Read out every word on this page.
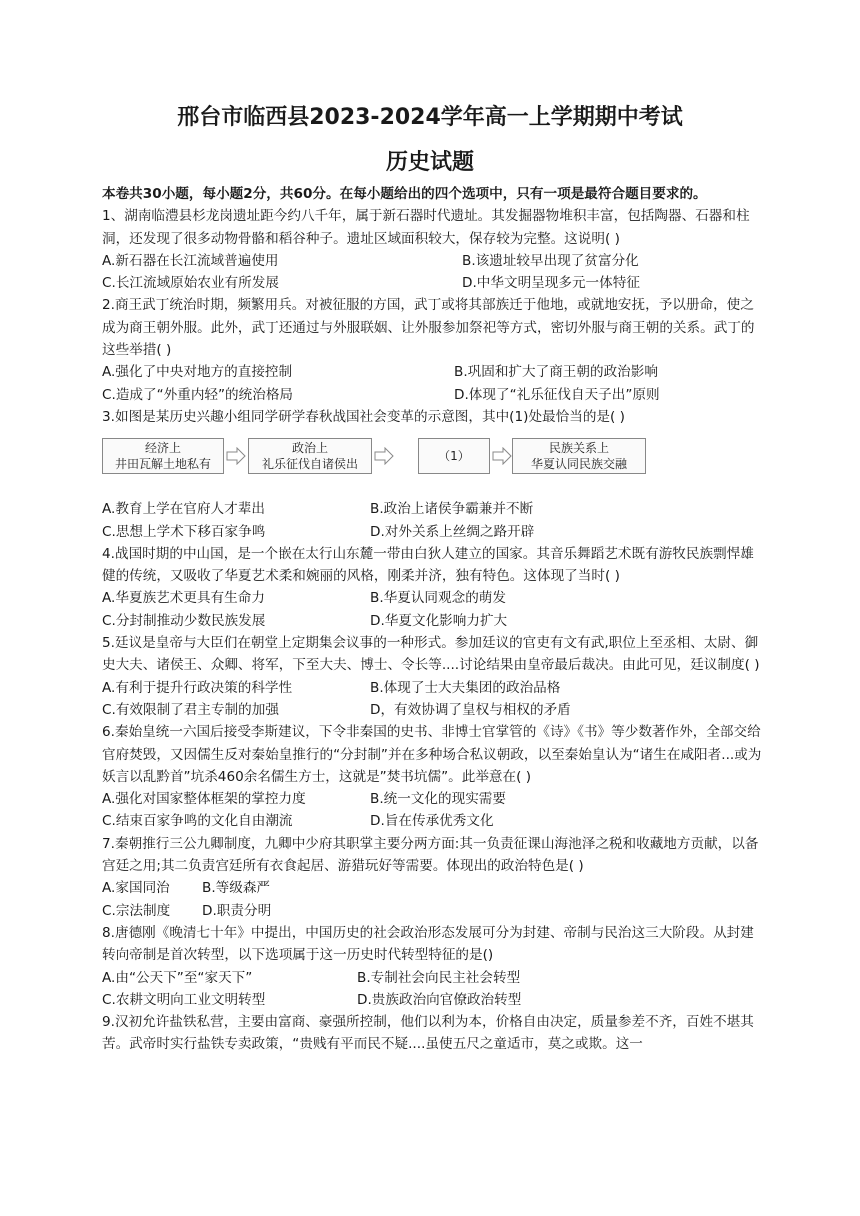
邢台市临西县2023-2024学年高一上学期期中考试
历史试题

本卷共30小题，每小题2分，共60分。在每小题给出的四个选项中，只有一项是最符合题目要求的。

1、湖南临澧县杉龙岗遗址距今约八千年，属于新石器时代遗址。其发掘器物堆积丰富，包括陶器、石器和柱洞，还发现了很多动物骨骼和稻谷种子。遗址区域面积较大，保存较为完整。这说明( )

A.新石器在长江流域普遍使用	B.该遗址较早出现了贫富分化
C.长江流域原始农业有所发展	D.中华文明呈现多元一体特征

2.商王武丁统治时期，频繁用兵。对被征服的方国，武丁或将其部族迁于他地，或就地安抚，予以册命，使之成为商王朝外服。此外，武丁还通过与外服联姻、让外服参加祭祀等方式，密切外服与商王朝的关系。武丁的这些举措( )

A.强化了中央对地方的直接控制	B.巩固和扩大了商王朝的政治影响
C.造成了“外重内轻”的统治格局	D.体现了“礼乐征伐自天子出”原则

3.如图是某历史兴趣小组同学研学春秋战国社会变革的示意图，其中(1)处最恰当的是( )

经济上
井田瓦解土地私有
政治上
礼乐征伐自诸侯出
（1）
民族关系上
华夏认同民族交融
A.教育上学在官府人才辈出	B.政治上诸侯争霸兼并不断
C.思想上学术下移百家争鸣	D.对外关系上丝绸之路开辟

4.战国时期的中山国，是一个嵌在太行山东麓一带由白狄人建立的国家。其音乐舞蹈艺术既有游牧民族剽悍雄健的传统，又吸收了华夏艺术柔和婉丽的风格，刚柔并济，独有特色。这体现了当时( )

A.华夏族艺术更具有生命力	B.华夏认同观念的萌发
C.分封制推动少数民族发展	D.华夏文化影响力扩大

5.廷议是皇帝与大臣们在朝堂上定期集会议事的一种形式。参加廷议的官吏有文有武,职位上至丞相、太尉、御史大夫、诸侯王、众卿、将军，下至大夫、博士、令长等....讨论结果由皇帝最后裁决。由此可见，廷议制度( )

A.有利于提升行政决策的科学性	B.体现了士大夫集团的政治品格
C.有效限制了君主专制的加强	D，有效协调了皇权与相权的矛盾

6.秦始皇统一六国后接受李斯建议，下令非秦国的史书、非博士官掌管的《诗》《书》等少数著作外，全部交给官府焚毁，又因儒生反对秦始皇推行的“分封制”并在多种场合私议朝政，以至秦始皇认为“诸生在咸阳者...或为妖言以乱黔首”坑杀460余名儒生方士，这就是”焚书坑儒”。此举意在( )

A.强化对国家整体框架的掌控力度	B.统一文化的现实需要
C.结束百家争鸣的文化自由潮流	D.旨在传承优秀文化

7.秦朝推行三公九卿制度，九卿中少府其职掌主要分两方面:其一负责征课山海池泽之税和收藏地方贡献，以备宫廷之用;其二负责宫廷所有衣食起居、游猎玩好等需要。体现出的政治特色是( )

A.家国同治	B.等级森严
C.宗法制度	D.职责分明

8.唐德刚《晚清七十年》中提出，中国历史的社会政治形态发展可分为封建、帝制与民治这三大阶段。从封建转向帝制是首次转型，以下选项属于这一历史时代转型特征的是()

A.由“公天下”至“家天下”	B.专制社会向民主社会转型
C.农耕文明向工业文明转型	D.贵族政治向官僚政治转型

9.汉初允许盐铁私营，主要由富商、豪强所控制，他们以利为本，价格自由决定，质量参差不齐，百姓不堪其苦。武帝时实行盐铁专卖政策，“贵贱有平而民不疑....虽使五尺之童适市，莫之或欺。这一
